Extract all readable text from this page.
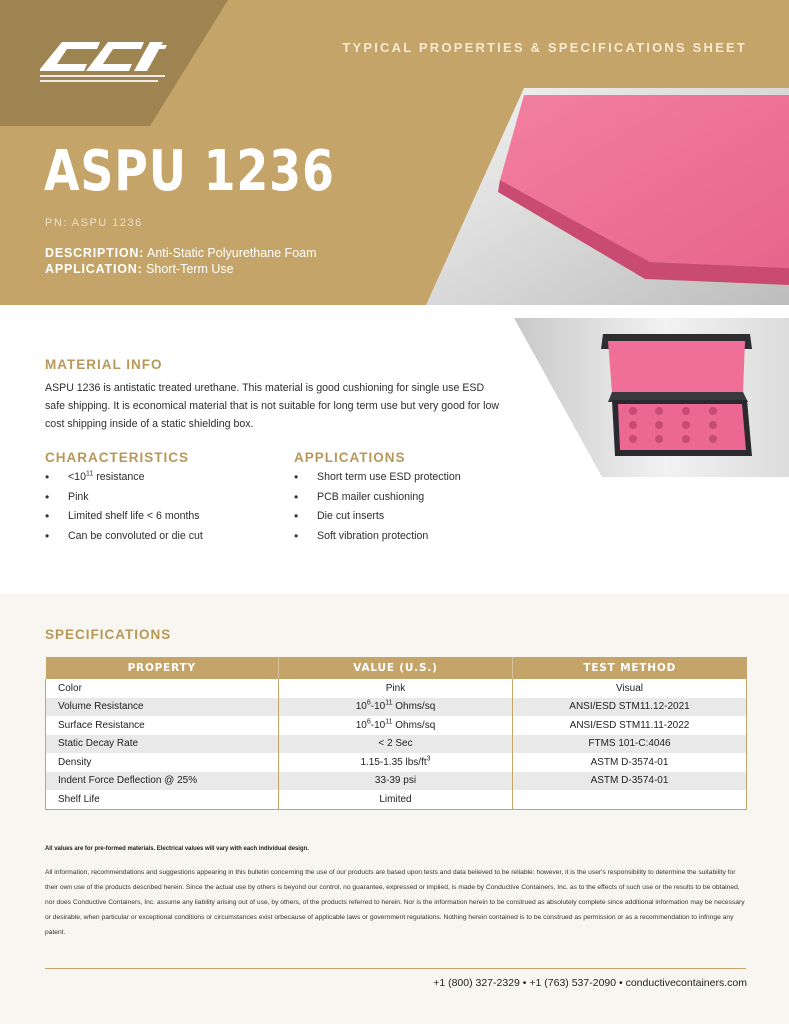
TYPICAL PROPERTIES & SPECIFICATIONS SHEET
ASPU 1236
PN: ASPU 1236
DESCRIPTION: Anti-Static Polyurethane Foam
APPLICATION: Short-Term Use
MATERIAL INFO

ASPU 1236 is antistatic treated urethane. This material is good cushioning for single use ESD safe shipping. It is economical material that is not suitable for long term use but very good for low cost shipping inside of a static shielding box.

CHARACTERISTICS
• $<10^{11}$ resistance
• Pink
• Limited shelf life < 6 months
• Can be convoluted or die cut
APPLICATIONS
• Short term use ESD protection
• PCB mailer cushioning
• Die cut inserts
• Soft vibration protection
SPECIFICATIONS
PROPERTY	VALUE (U.S.)	TEST METHOD
Color	Pink	Visual
Volume Resistance	$10^6-10^{11}$ Ohms/sq	ANSI/ESD STM11.12-2021
Surface Resistance	$10^6-10^{11}$ Ohms/sq	ANSI/ESD STM11.11-2022
Static Decay Rate	< 2 Sec	FTMS 101-C:4046
Density	1.15-1.35 lbs/$ft^3$	ASTM D-3574-01
Indent Force Deflection @ 25%	33-39 psi	ASTM D-3574-01
Shelf Life	Limited	
All values are for pre-formed materials. Electrical values will vary with each individual design.

All information, recommendations and suggestions appearing in this bulletin concerning the use of our products are based upon tests and data believed to be reliable: however, it is the user's responsibility to determine the suitability for their own use of the products described herein. Since the actual use by others is beyond our control, no guarantee, expressed or implied, is made by Conductive Containers, Inc. as to the effects of such use or the results to be obtained, nor does Conductive Containers, Inc. assume any liability arising out of use, by others, of the products referred to herein. Nor is the information herein to be construed as absolutely complete since additional information may be necessary or desirable, when particular or exceptional conditions or circumstances exist orbecause of applicable laws or government regulations. Nothing herein contained is to be construed as permission or as a recommendation to infringe any patent.

+1 (800) 327-2329 • +1 (763) 537-2090 • conductivecontainers.com
